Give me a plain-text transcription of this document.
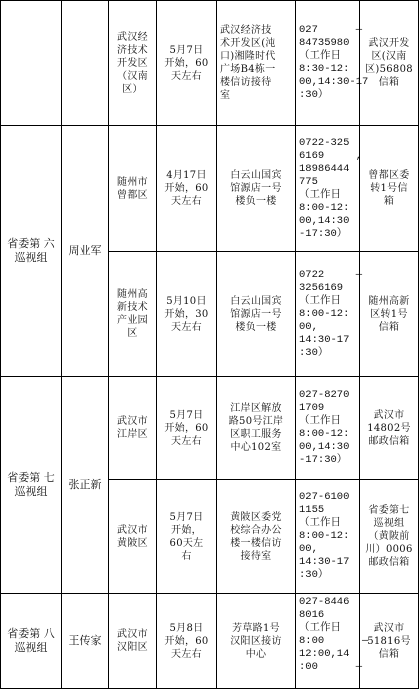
武汉经
济技术
开发区
（汉南
区）
5月7日
开始，60
天左右
武汉经济技
术开发区(沌
口)湘隆时代
广场B4栋一
楼信访接待
室
027      —
84735980
（工作日
8:30-12:
00,14:30-17
:30）
武汉开发
区(汉南
区)56808
信箱
省委第 六 巡视组
周业军
随州市
曾都区
4月17日
开始，60
天左右
白云山国宾
馆源店一号
楼负一楼
0722-325
6169     ,
18986444
775
（工作日
8:00-12:
00,14:30
-17:30）
曾都区委
转1号信
箱
随州高
新技术
产业园
区
5月10日
开始，30
天左右
白云山国宾
馆源店一号
楼负一楼
0722     —
3256169
（工作日
8:00-12:
00,
14:30-17
:30）
随州高新
区转1号
信箱
省委第 七 巡视组
张正新
武汉市
江岸区
5月7日
开始，60
天左右
江岸区解放
路50号江岸
区职工服务
中心102室
027-8270
1709
（工作日
8:00-12:
00,14:30
-17:30）
武汉市
14802号
邮政信箱
武汉市
黄陂区
5月7日
开始，
60天左
右
黄陂区委党
校综合办公
楼一楼信访
接待室
027-6100
1155
（工作日
8:00-12:
00,
14:30-17
:30）
省委第七
巡视组
（黄陂前
川）0006
邮政信箱
省委第 八 巡视组
王传家	武汉市
汉阳区
5月8日
开始，60
天左右
芳草路1号
汉阳区接访
中心
027-8446
8016
（工作日
8:00      —
12:00,14
:00      —
武汉市
51816号
信箱
